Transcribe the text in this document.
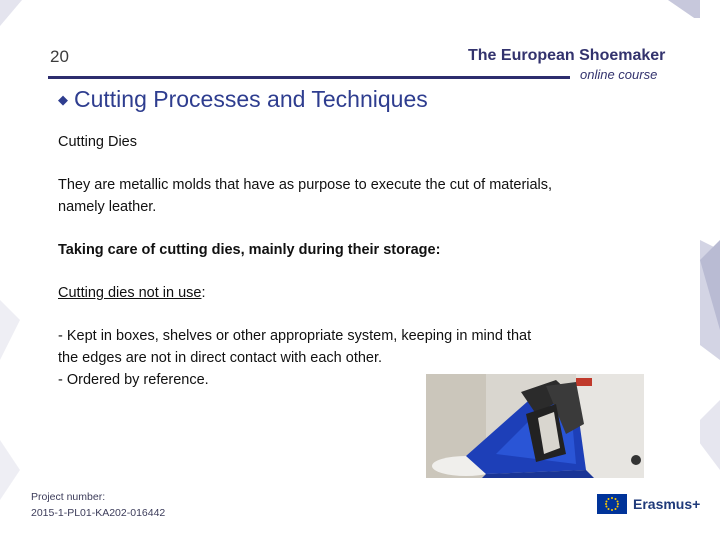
20	The European Shoemaker
online course
◆ Cutting Processes and Techniques
Cutting Dies
They are metallic molds that have as purpose to execute the cut of materials,
namely leather.
Taking care of cutting dies, mainly during their storage:
Cutting dies not in use:
- Kept in boxes, shelves or other appropriate system, keeping in mind that
the edges are not in direct contact with each other.
- Ordered by reference.
Project number:
2015-1-PL01-KA202-016442
Erasmus+
